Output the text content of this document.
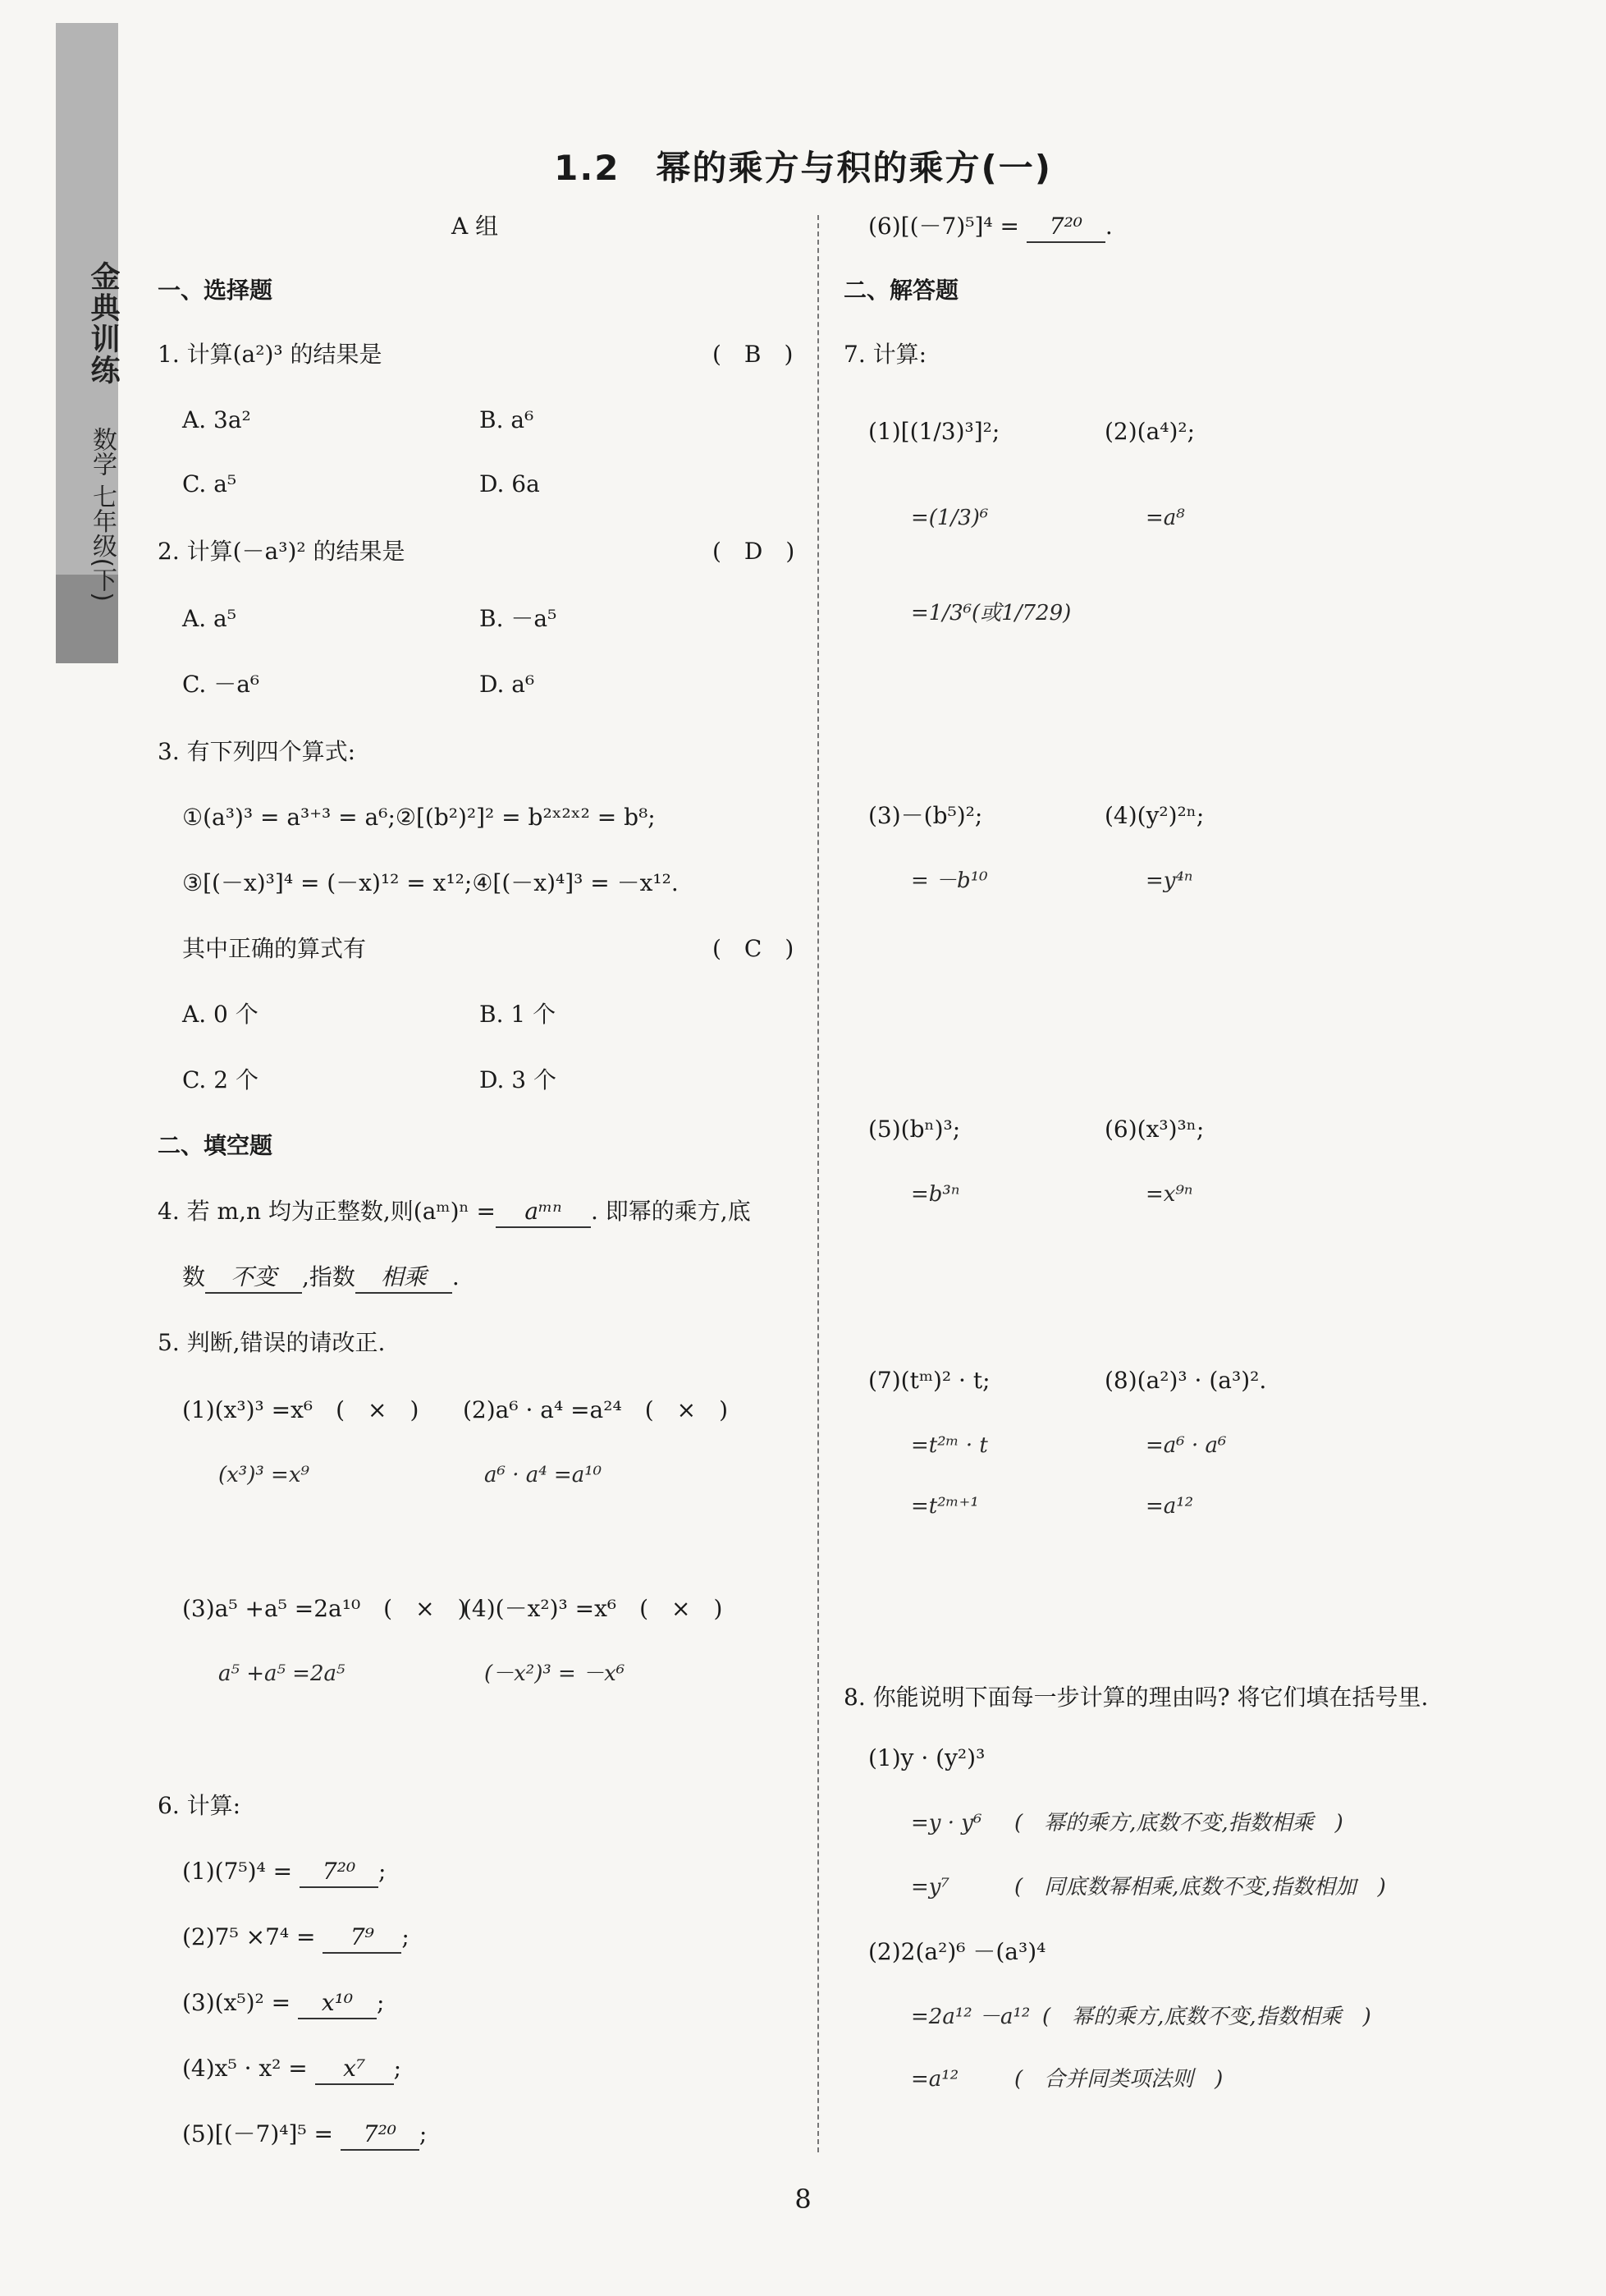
金典训练
数学 七年级(下)
1.2　幂的乘方与积的乘方(一)
A 组
一、选择题
1. 计算(a²)³ 的结果是	(　B　)
A. 3a²	B. a⁶
C. a⁵	D. 6a
2. 计算(－a³)² 的结果是	(　D　)
A. a⁵	B. －a⁵
C. －a⁶	D. a⁶
3. 有下列四个算式:
①(a³)³ = a³⁺³ = a⁶;②[(b²)²]² = b²ˣ²ˣ² = b⁸;
③[(－x)³]⁴ = (－x)¹² = x¹²;④[(－x)⁴]³ = －x¹².
其中正确的算式有	(　C　)
A. 0 个	B. 1 个
C. 2 个	D. 3 个
二、填空题
4. 若 m,n 均为正整数,则(aᵐ)ⁿ = aᵐⁿ . 即幂的乘方,底
数 不变 ,指数 相乘 .
5. 判断,错误的请改正.
(1)(x³)³ =x⁶　(　×　) (2)a⁶ · a⁴ =a²⁴　(　×　)
(x³)³ =x⁹	a⁶ · a⁴ =a¹⁰
(3)a⁵ +a⁵ =2a¹⁰　(　×　)
(4)(－x²)³ =x⁶　(　×　)
a⁵ +a⁵ =2a⁵	(－x²)³ = －x⁶
6. 计算:
(1)(7⁵)⁴ = 7²⁰ ;
(2)7⁵ ×7⁴ = 7⁹ ;
(3)(x⁵)² = x¹⁰ ;
(4)x⁵ · x² = x⁷ ;
(5)[(－7)⁴]⁵ = 7²⁰ ;
(6)[(－7)⁵]⁴ = 7²⁰ .
二、解答题
7. 计算:
(1)[(1/3)³]²;	(2)(a⁴)²;
=(1/3)⁶	=a⁸
=1/3⁶(或1/729)
(3)－(b⁵)²;	(4)(y²)²ⁿ;
= －b¹⁰	=y⁴ⁿ
(5)(bⁿ)³;	(6)(x³)³ⁿ;
=b³ⁿ	=x⁹ⁿ
(7)(tᵐ)² · t;	(8)(a²)³ · (a³)².
=t²ᵐ · t	=a⁶ · a⁶
=t²ᵐ⁺¹	=a¹²
8. 你能说明下面每一步计算的理由吗? 将它们填在括号里.
(1)y · (y²)³
=y · y⁶ (　幂的乘方,底数不变,指数相乘　)
=y⁷	(　同底数幂相乘,底数不变,指数相加　)
(2)2(a²)⁶ －(a³)⁴
=2a¹² －a¹² (　幂的乘方,底数不变,指数相乘　)
=a¹²	(　合并同类项法则　)
8
